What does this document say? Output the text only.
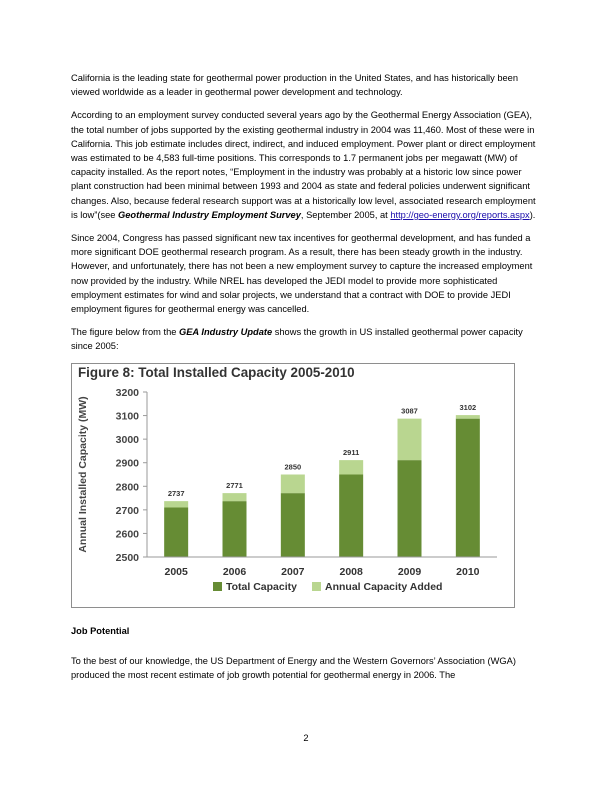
California is the leading state for geothermal power production in the United States, and has historically been viewed worldwide as a leader in geothermal power development and technology.

According to an employment survey conducted several years ago by the Geothermal Energy Association (GEA), the total number of jobs supported by the existing geothermal industry in 2004 was 11,460. Most of these were in California. This job estimate includes direct, indirect, and induced employment. Power plant or direct employment was estimated to be 4,583 full-time positions. This corresponds to 1.7 permanent jobs per megawatt (MW) of capacity installed. As the report notes, “Employment in the industry was probably at a historic low since power plant construction had been minimal between 1993 and 2004 as state and federal policies underwent significant changes. Also, because federal research support was at a historically low level, associated research employment is low”(see Geothermal Industry Employment Survey, September 2005, at http://geo-energy.org/reports.aspx).

Since 2004, Congress has passed significant new tax incentives for geothermal development, and has funded a more significant DOE geothermal research program. As a result, there has been steady growth in the industry. However, and unfortunately, there has not been a new employment survey to capture the increased employment now provided by the industry. While NREL has developed the JEDI model to provide more sophisticated employment estimates for wind and solar projects, we understand that a contract with DOE to provide JEDI employment figures for geothermal energy was cancelled.

The figure below from the GEA Industry Update shows the growth in US installed geothermal power capacity since 2005:

Figure 8: Total Installed Capacity 2005-2010
Annual Installed Capacity (MW)
2500
2600
2700
2800
2900
3000
3100
3200
2737
2771
2850
2911
3087	3102
2005	2006	2007	2008	2009	2010
Total Capacity	Annual Capacity Added

Job Potential

To the best of our knowledge, the US Department of Energy and the Western Governors’ Association (WGA) produced the most recent estimate of job growth potential for geothermal energy in 2006. The

2
